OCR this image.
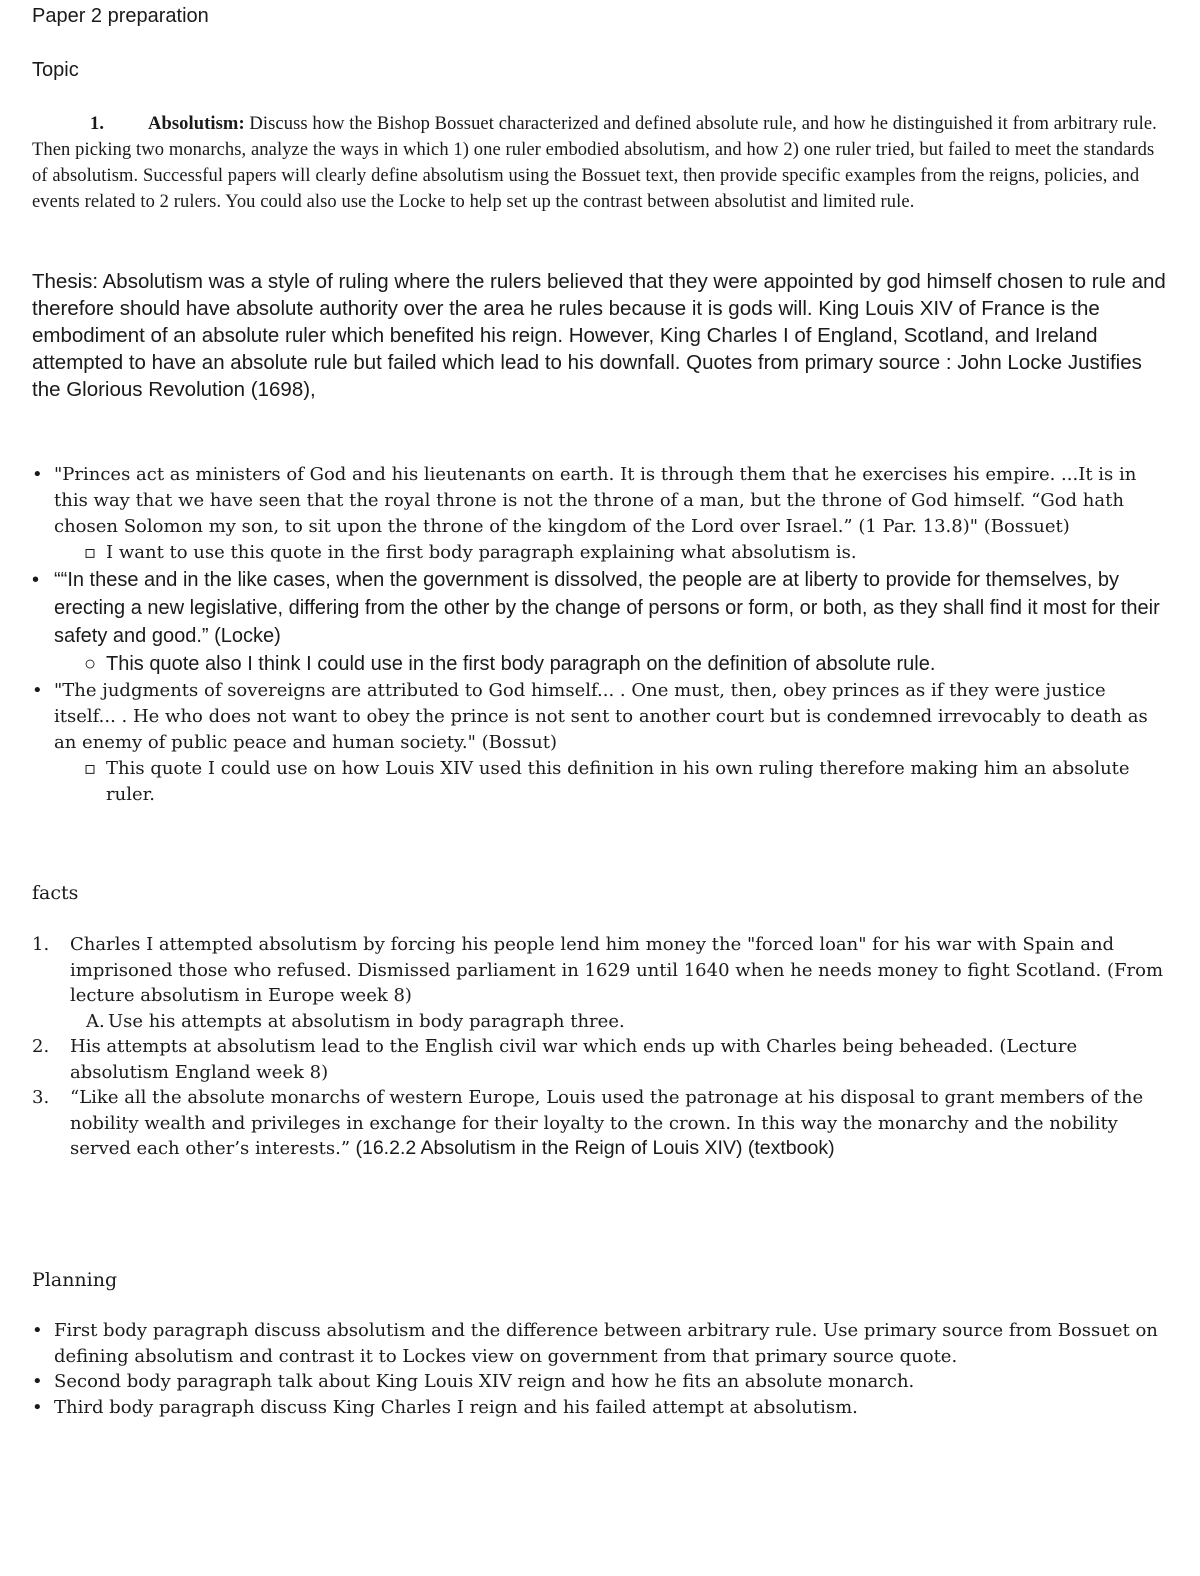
Paper 2 preparation
Topic

1. Absolutism: Discuss how the Bishop Bossuet characterized and defined absolute rule, and how he distinguished it from arbitrary rule. Then picking two monarchs, analyze the ways in which 1) one ruler embodied absolutism, and how 2) one ruler tried, but failed to meet the standards of absolutism. Successful papers will clearly define absolutism using the Bossuet text, then provide specific examples from the reigns, policies, and events related to 2 rulers. You could also use the Locke to help set up the contrast between absolutist and limited rule.

Thesis: Absolutism was a style of ruling where the rulers believed that they were appointed by god himself chosen to rule and therefore should have absolute authority over the area he rules because it is gods will. King Louis XIV of France is the embodiment of an absolute ruler which benefited his reign. However, King Charles I of England, Scotland, and Ireland attempted to have an absolute rule but failed which lead to his downfall. Quotes from primary source : John Locke Justifies the Glorious Revolution (1698),

• "Princes act as ministers of God and his lieutenants on earth. It is through them that he exercises his empire. ...It is in this way that we have seen that the royal throne is not the throne of a man, but the throne of God himself. “God hath chosen Solomon my son, to sit upon the throne of the kingdom of the Lord over Israel.” (1 Par. 13.8)" (Bossuet)
▫ I want to use this quote in the first body paragraph explaining what absolutism is.
• ““In these and in the like cases, when the government is dissolved, the people are at liberty to provide for themselves, by erecting a new legislative, differing from the other by the change of persons or form, or both, as they shall find it most for their safety and good.” (Locke)
○ This quote also I think I could use in the first body paragraph on the definition of absolute rule.
• "The judgments of sovereigns are attributed to God himself... . One must, then, obey princes as if they were justice itself... . He who does not want to obey the prince is not sent to another court but is condemned irrevocably to death as an enemy of public peace and human society." (Bossut)
▫ This quote I could use on how Louis XIV used this definition in his own ruling therefore making him an absolute ruler.
facts
1. Charles I attempted absolutism by forcing his people lend him money the "forced loan" for his war with Spain and imprisoned those who refused. Dismissed parliament in 1629 until 1640 when he needs money to fight Scotland. (From lecture absolutism in Europe week 8)
A. Use his attempts at absolutism in body paragraph three.
2. His attempts at absolutism lead to the English civil war which ends up with Charles being beheaded. (Lecture absolutism England week 8)
3. “Like all the absolute monarchs of western Europe, Louis used the patronage at his disposal to grant members of the nobility wealth and privileges in exchange for their loyalty to the crown. In this way the monarchy and the nobility served each other’s interests.” (16.2.2 Absolutism in the Reign of Louis XIV) (textbook)
Planning
• First body paragraph discuss absolutism and the difference between arbitrary rule. Use primary source from Bossuet on defining absolutism and contrast it to Lockes view on government from that primary source quote.
• Second body paragraph talk about King Louis XIV reign and how he fits an absolute monarch.
• Third body paragraph discuss King Charles I reign and his failed attempt at absolutism.
